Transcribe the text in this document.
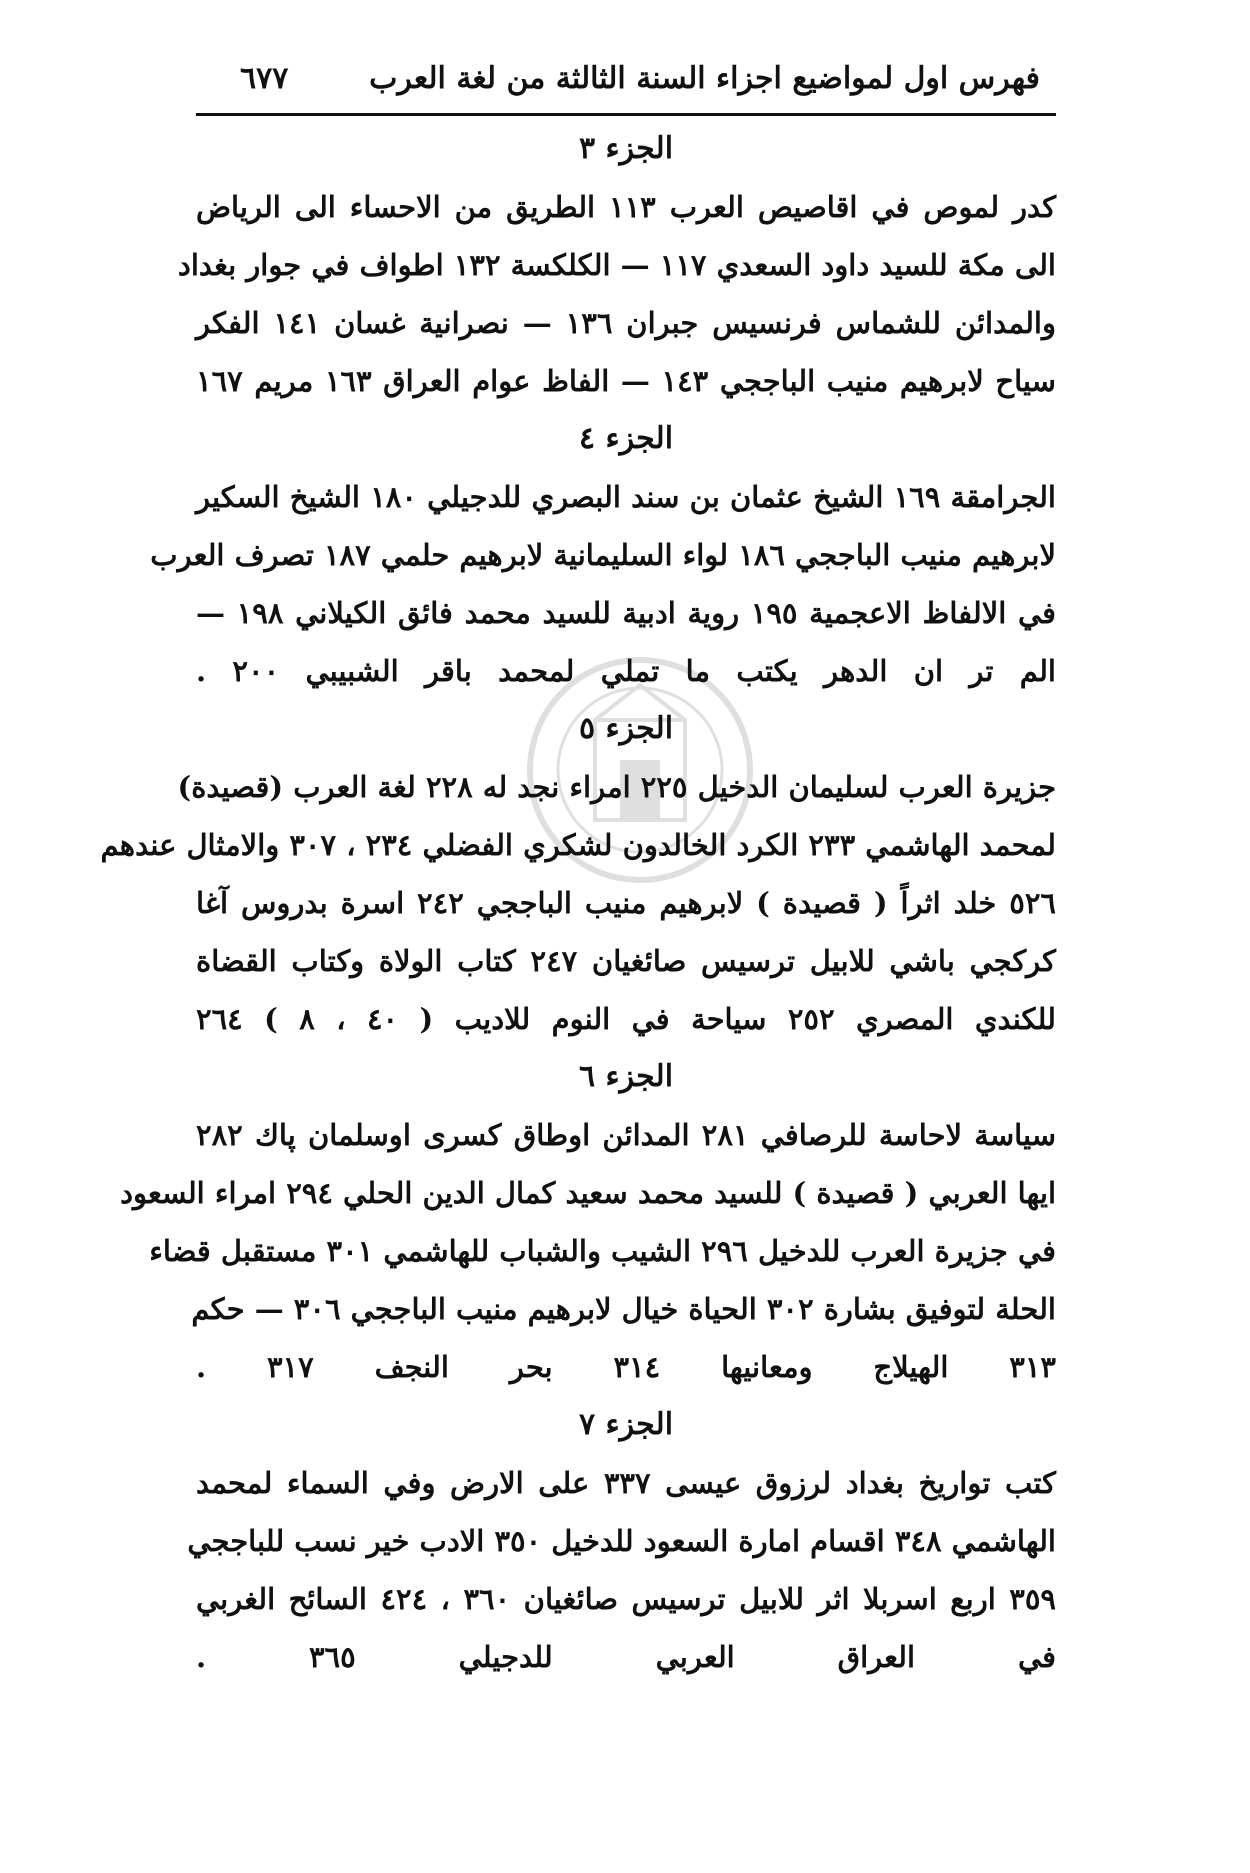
فهرس اول لمواضيع اجزاء السنة الثالثة من لغة العرب
٦٧٧
الجزء ٣
كدر لموص في اقاصيص العرب ١١٣ الطريق من الاحساء الى الرياض
الى مكة للسيد داود السعدي ١١٧ — الكلكسة ١٣٢ اطواف في جوار بغداد
والمدائن للشماس فرنسيس جبران ١٣٦ — نصرانية غسان ١٤١ الفكر
سياح لابرهيم منيب الباججي ١٤٣ — الفاظ عوام العراق ١٦٣ مريم ١٦٧
الجزء ٤
الجرامقة ١٦٩ الشيخ عثمان بن سند البصري للدجيلي ١٨٠ الشيخ السكير
لابرهيم منيب الباججي ١٨٦ لواء السليمانية لابرهيم حلمي ١٨٧ تصرف العرب
في الالفاظ الاعجمية ١٩٥ روية ادبية للسيد محمد فائق الكيلاني ١٩٨ —
الم تر ان الدهر يكتب ما تملي لمحمد باقر الشبيبي ٢٠٠ .
الجزء ٥
جزيرة العرب لسليمان الدخيل ٢٢٥ امراء نجد له ٢٢٨ لغة العرب (قصيدة)
لمحمد الهاشمي ٢٣٣ الكرد الخالدون لشكري الفضلي ٢٣٤ ، ٣٠٧ والامثال عندهم
٥٢٦ خلد اثراً ( قصيدة ) لابرهيم منيب الباججي ٢٤٢ اسرة بدروس آغا
كركجي باشي للابيل ترسيس صائغيان ٢٤٧ كتاب الولاة وكتاب القضاة
للكندي المصري ٢٥٢ سياحة في النوم للاديب ( ٤٠ ، ٨ ) ٢٦٤
الجزء ٦
سياسة لاحاسة للرصافي ٢٨١ المدائن اوطاق كسرى اوسلمان پاك ٢٨٢
ايها العربي ( قصيدة ) للسيد محمد سعيد كمال الدين الحلي ٢٩٤ امراء السعود
في جزيرة العرب للدخيل ٢٩٦ الشيب والشباب للهاشمي ٣٠١ مستقبل قضاء
الحلة لتوفيق بشارة ٣٠٢ الحياة خيال لابرهيم منيب الباججي ٣٠٦ — حكم
٣١٣ الهيلاج ومعانيها ٣١٤ بحر النجف ٣١٧ .
الجزء ٧
كتب تواريخ بغداد لرزوق عيسى ٣٣٧ على الارض وفي السماء لمحمد
الهاشمي ٣٤٨ اقسام امارة السعود للدخيل ٣٥٠ الادب خير نسب للباججي
٣٥٩ اربع اسربلا اثر للابيل ترسيس صائغيان ٣٦٠ ، ٤٢٤ السائح الغربي
في العراق العربي للدجيلي ٣٦٥ .
